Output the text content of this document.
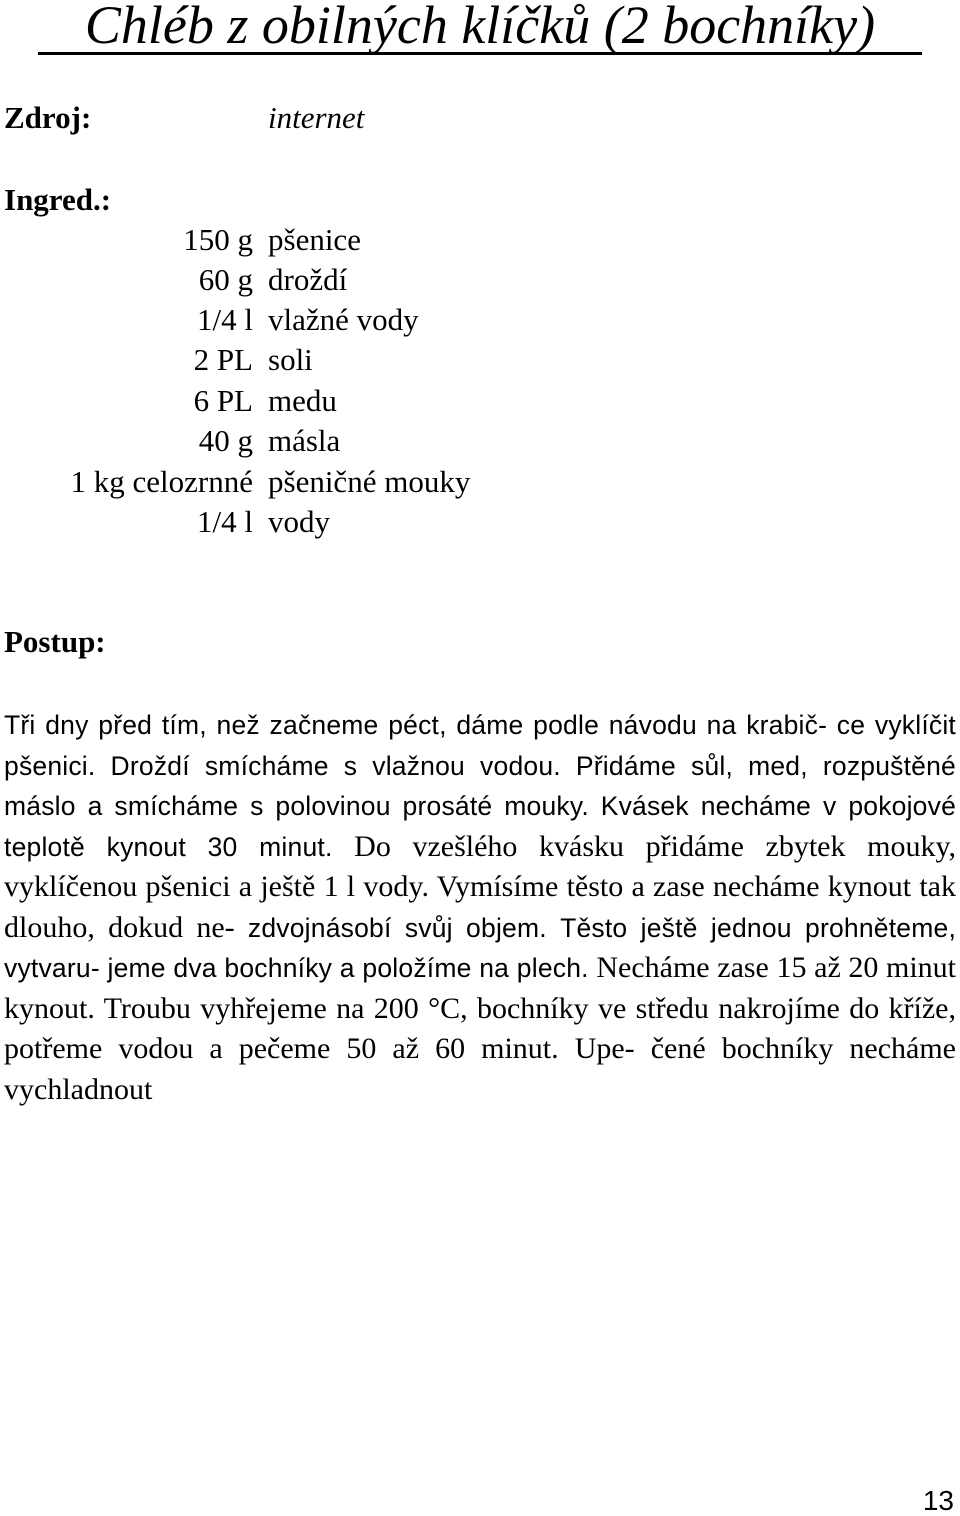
Chléb z obilných klíčků (2 bochníky)
Zdroj:	internet
Ingred.:
150 g pšenice
60 g droždí
1/4 l vlažné vody
2 PL soli
6 PL medu
40 g másla
1 kg celozrnné pšeničné mouky
1/4 l vody
Postup:

Tři dny před tím, než začneme péct, dáme podle návodu na krabič- ce vyklíčit pšenici. Droždí smícháme s vlažnou vodou. Přidáme sůl, med, rozpuštěné máslo a smícháme s polovinou prosáté mouky. Kvásek necháme v pokojové teplotě kynout 30 minut. Do vzešlého kvásku přidáme zbytek mouky, vyklíčenou pšenici a ještě 1 l vody. Vymísíme těsto a zase necháme kynout tak dlouho, dokud ne- zdvojnásobí svůj objem. Těsto ještě jednou prohněteme, vytvaru- jeme dva bochníky a položíme na plech. Necháme zase 15 až 20 minut kynout. Troubu vyhřejeme na 200 °C, bochníky ve středu nakrojíme do kříže, potřeme vodou a pečeme 50 až 60 minut. Upe- čené bochníky necháme vychladnout

13
